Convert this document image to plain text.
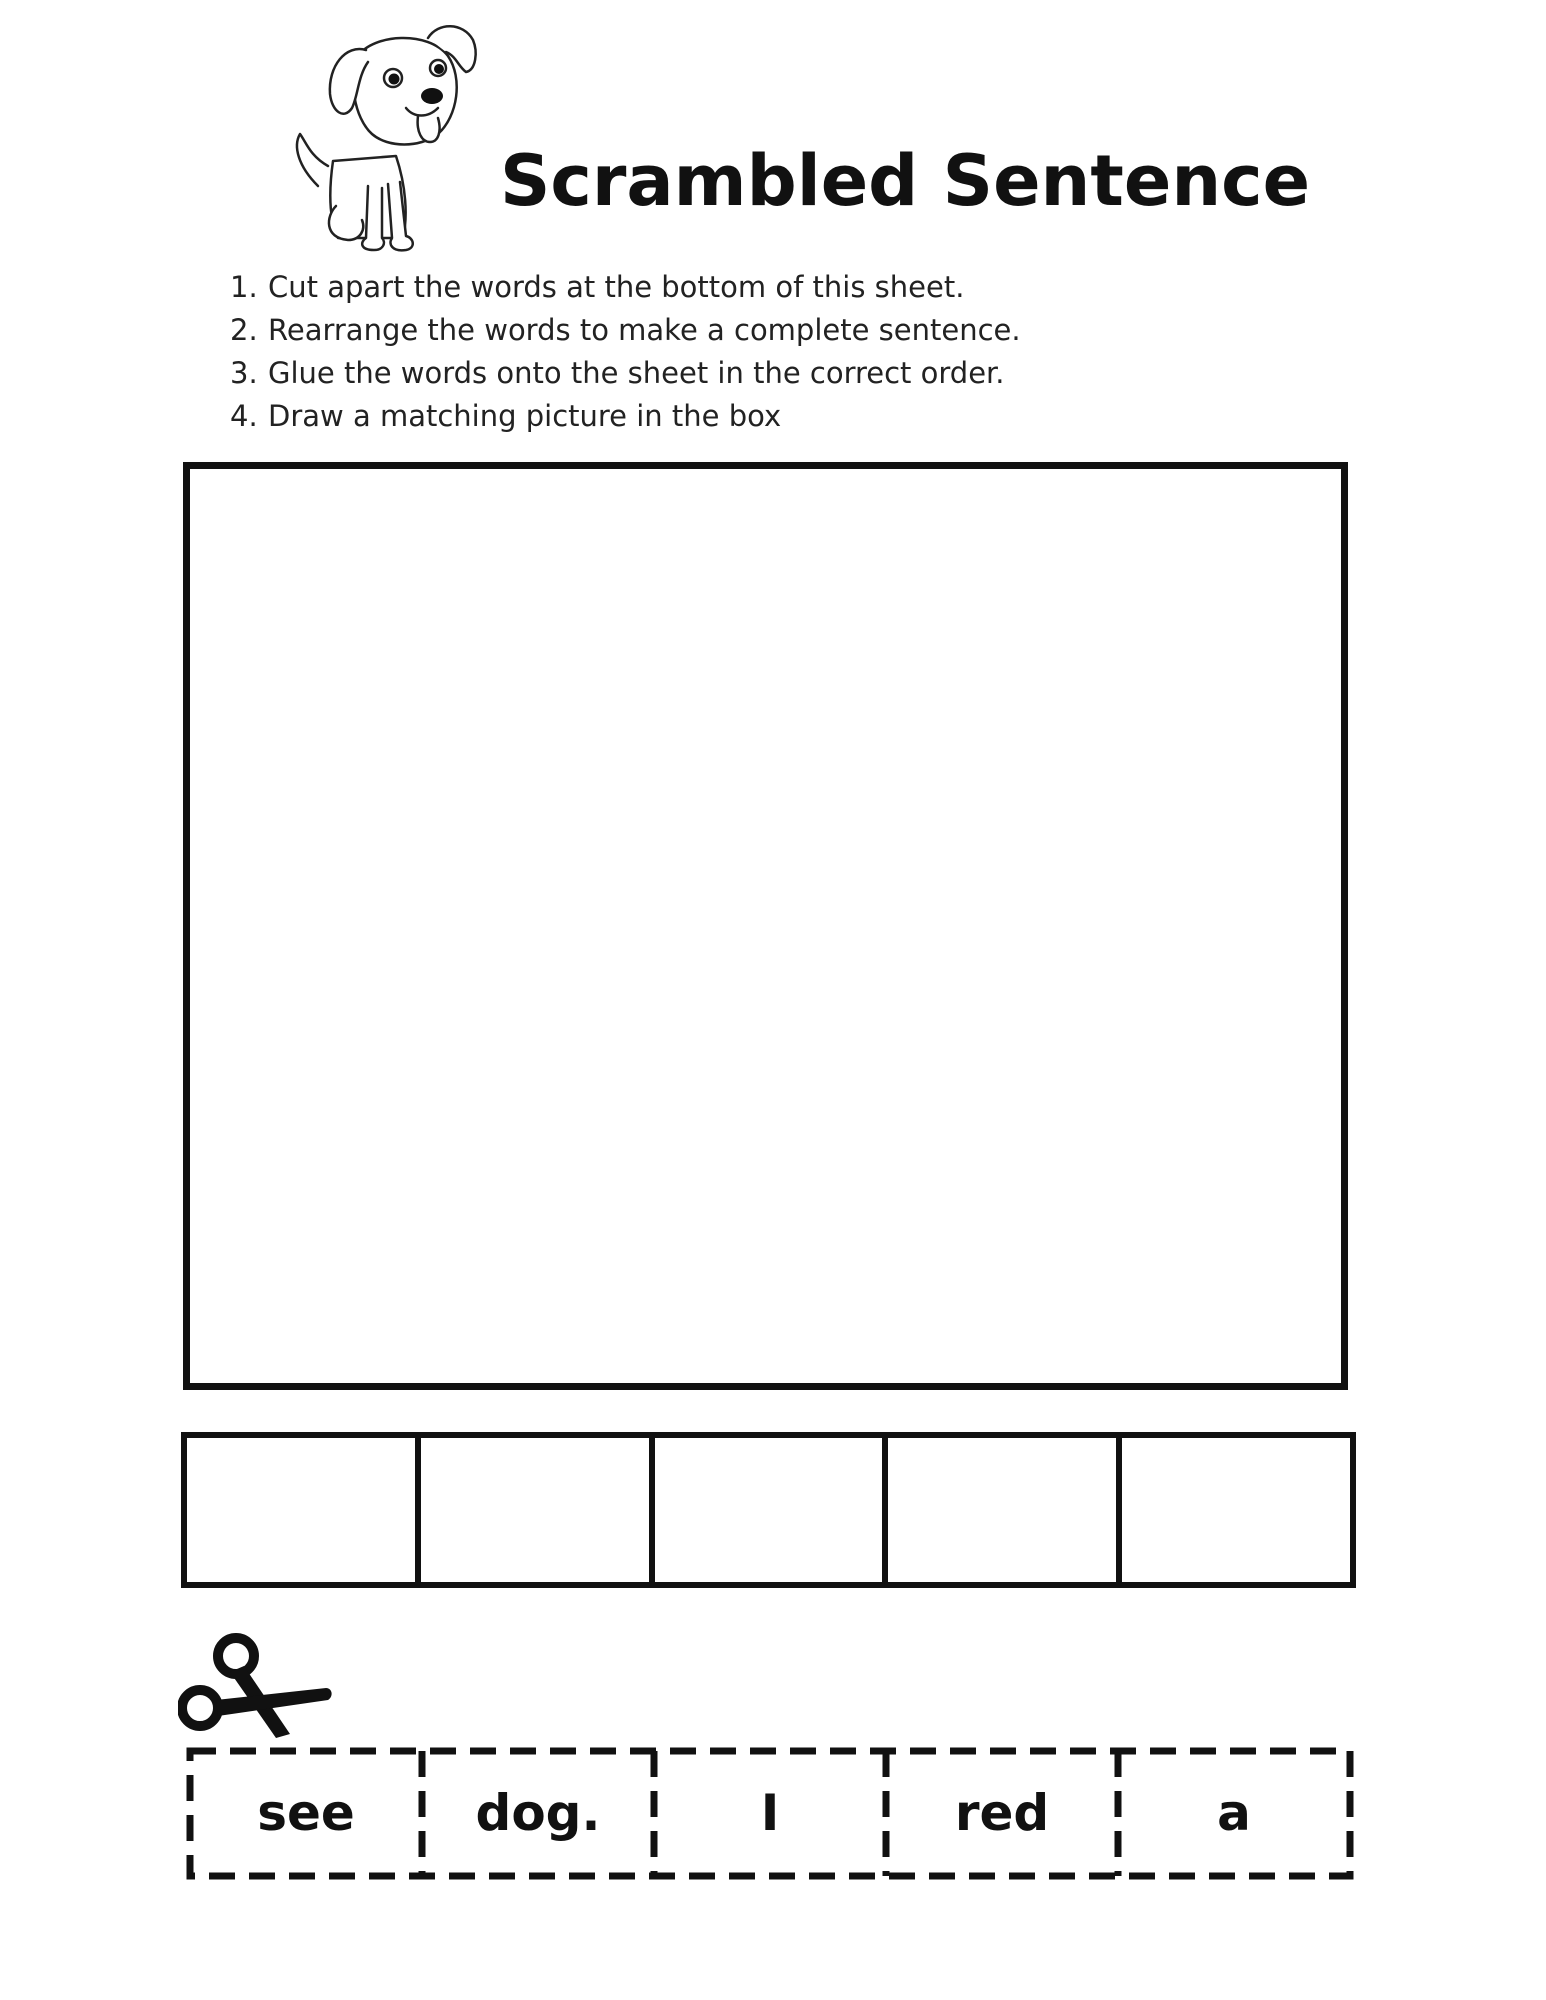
Scrambled Sentence
1. Cut apart the words at the bottom of this sheet.
2. Rearrange the words to make a complete sentence.
3. Glue the words onto the sheet in the correct order.
4. Draw a matching picture in the box
see dog.	I	red	a
